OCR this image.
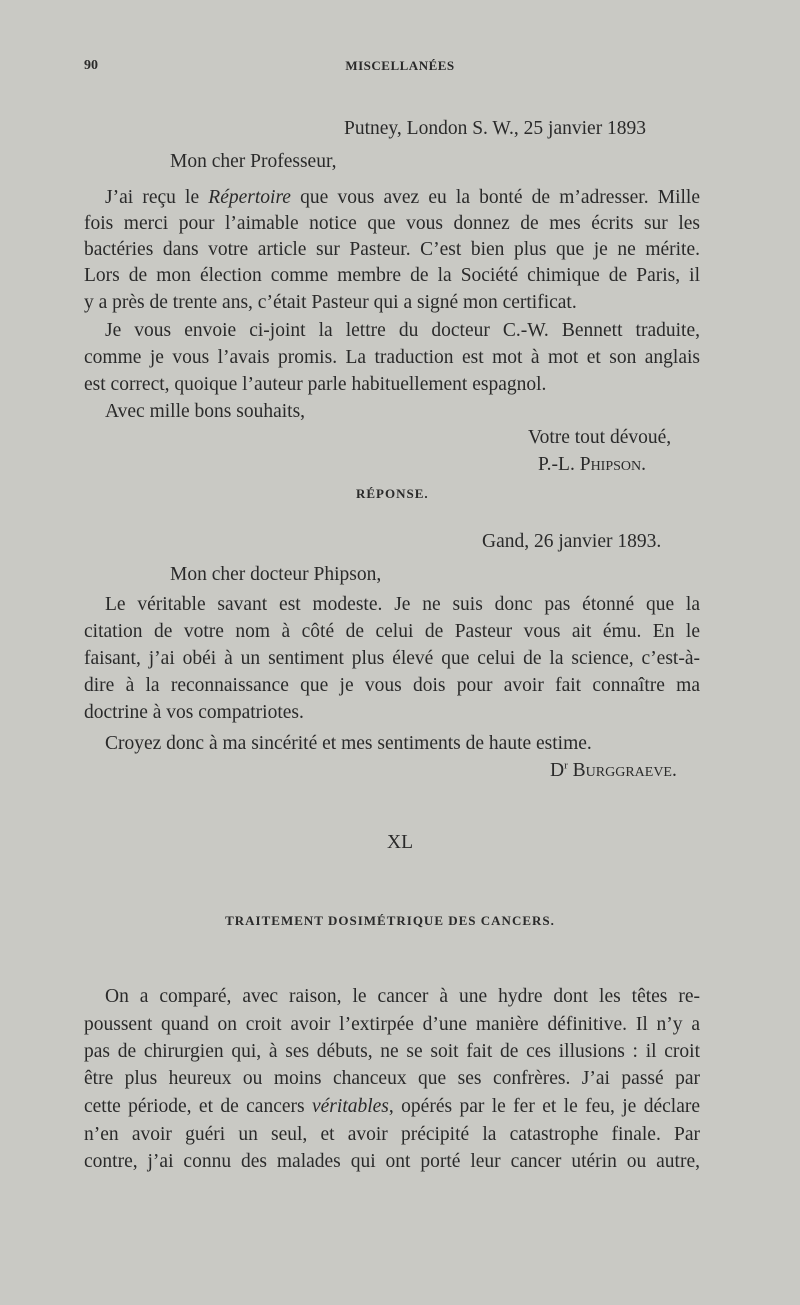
90	MISCELLANÉES
Putney, London S. W., 25 janvier 1893
Mon cher Professeur,
J’ai reçu le Répertoire que vous avez eu la bonté de m’adresser. Mille
fois merci pour l’aimable notice que vous donnez de mes écrits sur les
bactéries dans votre article sur Pasteur. C’est bien plus que je ne mérite.
Lors de mon élection comme membre de la Société chimique de Paris, il
y a près de trente ans, c’était Pasteur qui a signé mon certificat.
Je vous envoie ci-joint la lettre du docteur C.-W. Bennett traduite,
comme je vous l’avais promis. La traduction est mot à mot et son anglais
est correct, quoique l’auteur parle habituellement espagnol.
Avec mille bons souhaits,
Votre tout dévoué,
P.-L. Phipson.
RÉPONSE.
Gand, 26 janvier 1893.
Mon cher docteur Phipson,
Le véritable savant est modeste. Je ne suis donc pas étonné que la
citation de votre nom à côté de celui de Pasteur vous ait ému. En le
faisant, j’ai obéi à un sentiment plus élevé que celui de la science, c’est-à-
dire à la reconnaissance que je vous dois pour avoir fait connaître ma
doctrine à vos compatriotes.
Croyez donc à ma sincérité et mes sentiments de haute estime.
$D^r$ Burggraeve.
XL
TRAITEMENT DOSIMÉTRIQUE DES CANCERS.
On a comparé, avec raison, le cancer à une hydre dont les têtes re-
poussent quand on croit avoir l’extirpée d’une manière définitive. Il n’y a
pas de chirurgien qui, à ses débuts, ne se soit fait de ces illusions : il croit
être plus heureux ou moins chanceux que ses confrères. J’ai passé par
cette période, et de cancers véritables, opérés par le fer et le feu, je déclare
n’en avoir guéri un seul, et avoir précipité la catastrophe finale. Par
contre, j’ai connu des malades qui ont porté leur cancer utérin ou autre,
